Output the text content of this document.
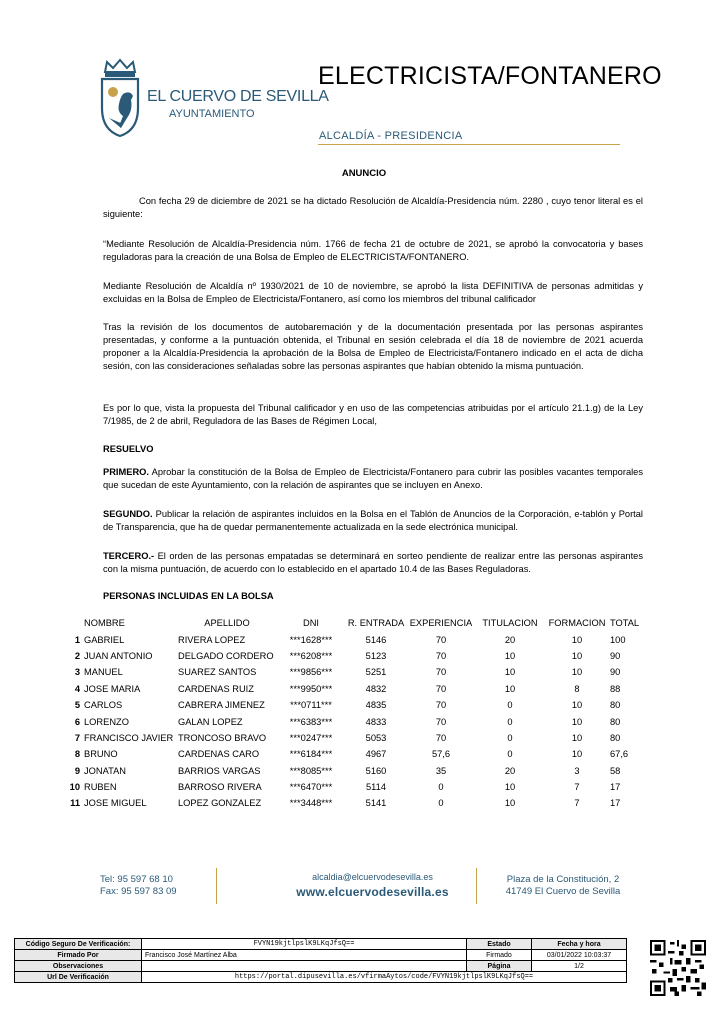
EL CUERVO DE SEVILLA
AYUNTAMIENTO
ELECTRICISTA/FONTANERO
ALCALDÍA - PRESIDENCIA
ANUNCIO
Con fecha 29 de diciembre de 2021 se ha dictado Resolución de Alcaldía-Presidencia núm. 2280 , cuyo tenor literal es el siguiente:
“Mediante Resolución de Alcaldía-Presidencia núm. 1766 de fecha 21 de octubre de 2021, se aprobó la convocatoria y bases reguladoras para la creación de una Bolsa de Empleo de ELECTRICISTA/FONTANERO.
Mediante Resolución de Alcaldía nº 1930/2021 de 10 de noviembre, se aprobó la lista DEFINITIVA de personas admitidas y excluidas en la Bolsa de Empleo de Electricista/Fontanero, así como los miembros del tribunal calificador
Tras la revisión de los documentos de autobaremación y de la documentación presentada por las personas aspirantes presentadas, y conforme a la puntuación obtenida, el Tribunal en sesión celebrada el día 18 de noviembre de 2021 acuerda proponer a la Alcaldía-Presidencia la aprobación de la Bolsa de Empleo de Electricista/Fontanero indicado en el acta de dicha sesión, con las consideraciones señaladas sobre las personas aspirantes que habían obtenido la misma puntuación.
Es por lo que, vista la propuesta del Tribunal calificador y en uso de las competencias atribuidas por el artículo 21.1.g) de la Ley 7/1985, de 2 de abril, Reguladora de las Bases de Régimen Local,
RESUELVO
PRIMERO. Aprobar la constitución de la Bolsa de Empleo de Electricista/Fontanero para cubrir las posibles vacantes temporales que sucedan de este Ayuntamiento, con la relación de aspirantes que se incluyen en Anexo.
SEGUNDO. Publicar la relación de aspirantes incluidos en la Bolsa en el Tablón de Anuncios de la Corporación, e-tablón y Portal de Transparencia, que ha de quedar permanentemente actualizada en la sede electrónica municipal.
TERCERO.- El orden de las personas empatadas se determinará en sorteo pendiente de realizar entre las personas aspirantes con la misma puntuación, de acuerdo con lo establecido en el apartado 10.4 de las Bases Reguladoras.
PERSONAS INCLUIDAS EN LA BOLSA
	NOMBRE	APELLIDO	DNI	R. ENTRADA	EXPERIENCIA	TITULACION	FORMACION	TOTAL
1	GABRIEL	RIVERA LOPEZ	***1628***	5146	70	20	10	100
2	JUAN ANTONIO	DELGADO CORDERO	***6208***	5123	70	10	10	90
3	MANUEL	SUAREZ SANTOS	***9856***	5251	70	10	10	90
4	JOSE MARIA	CARDENAS RUIZ	***9950***	4832	70	10	8	88
5	CARLOS	CABRERA JIMENEZ	***0711***	4835	70	0	10	80
6	LORENZO	GALAN LOPEZ	***6383***	4833	70	0	10	80
7	FRANCISCO JAVIER	TRONCOSO BRAVO	***0247***	5053	70	0	10	80
8	BRUNO	CARDENAS CARO	***6184***	4967	57,6	0	10	67,6
9	JONATAN	BARRIOS VARGAS	***8085***	5160	35	20	3	58
10	RUBEN	BARROSO RIVERA	***6470***	5114	0	10	7	17
11	JOSE MIGUEL	LOPEZ GONZALEZ	***3448***	5141	0	10	7	17
Tel: 95 597 68 10
Fax: 95 597 83 09
alcaldia@elcuervodesevilla.es
www.elcuervodesevilla.es
Plaza de la Constitución, 2
41749 El Cuervo de Sevilla
Código Seguro De Verificación:	FVYN19kjtlpslK9LKqJfsQ==	Estado	Fecha y hora
Firmado Por	Francisco José Martínez Alba	Firmado	03/01/2022 10:03:37
Observaciones		Página	1/2
Url De Verificación	https://portal.dipusevilla.es/vfirmaAytos/code/FVYN19kjtlpslK9LKqJfsQ==		
